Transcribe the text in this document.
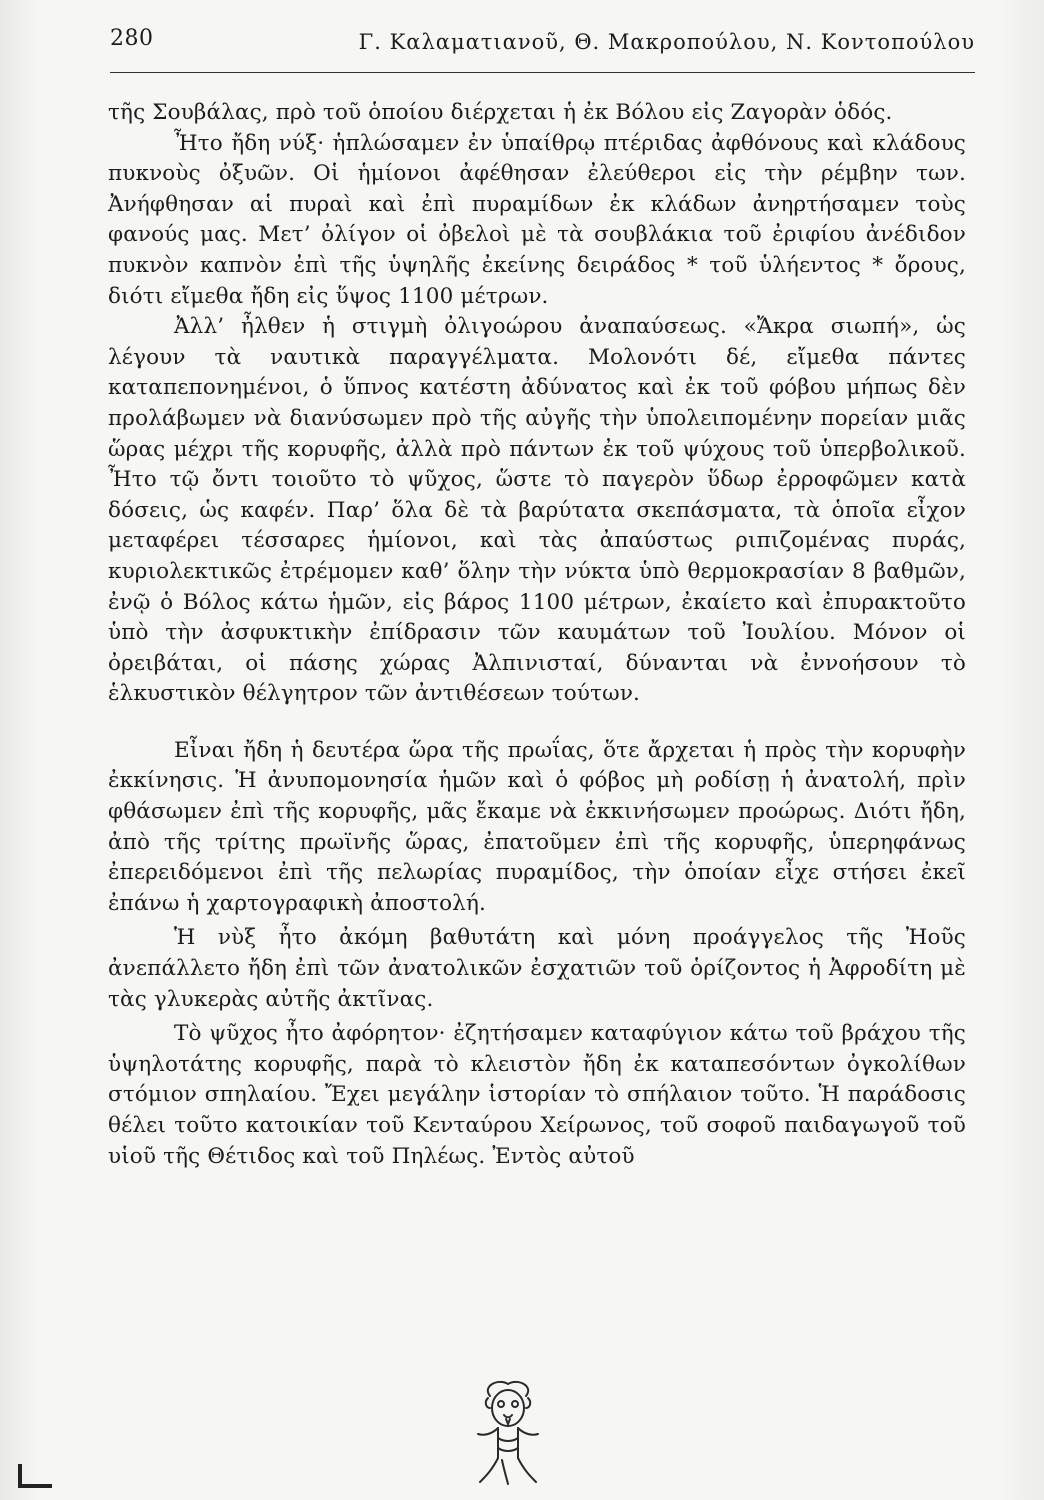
280	Γ. Καλαματιανοῦ, Θ. Μακροπούλου, Ν. Κοντοπούλου

τῆς Σουβάλας, πρὸ τοῦ ὁποίου διέρχεται ἡ ἐκ Βόλου εἰς Ζαγορὰν ὁδός.

Ἦτο ἤδη νύξ· ἡπλώσαμεν ἐν ὑπαίθρῳ πτέριδας ἀφθόνους καὶ κλάδους πυκνοὺς ὀξυῶν. Οἱ ἡμίονοι ἀφέθησαν ἐλεύθεροι εἰς τὴν ρέμβην των. Ἀνήφθησαν αἱ πυραὶ καὶ ἐπὶ πυραμίδων ἐκ κλάδων ἀνηρτήσαμεν τοὺς φανούς μας. Μετ’ ὀλίγον οἱ ὀβελοὶ μὲ τὰ σουβλάκια τοῦ ἐριφίου ἀνέδιδον πυκνὸν καπνὸν ἐπὶ τῆς ὑψηλῆς ἐκείνης δειράδος * τοῦ ὑλήεντος * ὄρους, διότι εἴμεθα ἤδη εἰς ὕψος 1100 μέτρων.

Ἀλλ’ ἦλθεν ἡ στιγμὴ ὀλιγοώρου ἀναπαύσεως. «Ἄκρα σιωπή», ὡς λέγουν τὰ ναυτικὰ παραγγέλματα. Μολονότι δέ, εἴμεθα πάντες καταπεπονημένοι, ὁ ὕπνος κατέστη ἀδύνατος καὶ ἐκ τοῦ φόβου μήπως δὲν προλάβωμεν νὰ διανύσωμεν πρὸ τῆς αὐγῆς τὴν ὑπολειπομένην πορείαν μιᾶς ὥρας μέχρι τῆς κορυφῆς, ἀλλὰ πρὸ πάντων ἐκ τοῦ ψύχους τοῦ ὑπερβολικοῦ. Ἦτο τῷ ὄντι τοιοῦτο τὸ ψῦχος, ὥστε τὸ παγερὸν ὕδωρ ἐρροφῶμεν κατὰ δόσεις, ὡς καφέν. Παρ’ ὅλα δὲ τὰ βαρύτατα σκεπάσματα, τὰ ὁποῖα εἶχον μεταφέρει τέσσαρες ἡμίονοι, καὶ τὰς ἀπαύστως ριπιζομένας πυράς, κυριολεκτικῶς ἐτρέμομεν καθ’ ὅλην τὴν νύκτα ὑπὸ θερμοκρασίαν 8 βαθμῶν, ἐνῷ ὁ Βόλος κάτω ἡμῶν, εἰς βάρος 1100 μέτρων, ἐκαίετο καὶ ἐπυρακτοῦτο ὑπὸ τὴν ἀσφυκτικὴν ἐπίδρασιν τῶν καυμάτων τοῦ Ἰουλίου. Μόνον οἱ ὀρειβάται, οἱ πάσης χώρας Ἀλπινισταί, δύνανται νὰ ἐννοήσουν τὸ ἑλκυστικὸν θέλγητρον τῶν ἀντιθέσεων τούτων.

Εἶναι ἤδη ἡ δευτέρα ὥρα τῆς πρωΐας, ὅτε ἄρχεται ἡ πρὸς τὴν κορυφὴν ἐκκίνησις. Ἡ ἀνυπομονησία ἡμῶν καὶ ὁ φόβος μὴ ροδίσῃ ἡ ἀνατολή, πρὶν φθάσωμεν ἐπὶ τῆς κορυφῆς, μᾶς ἔκαμε νὰ ἐκκινήσωμεν προώρως. Διότι ἤδη, ἀπὸ τῆς τρίτης πρωϊνῆς ὥρας, ἐπατοῦμεν ἐπὶ τῆς κορυφῆς, ὑπερηφάνως ἐπερειδόμενοι ἐπὶ τῆς πελωρίας πυραμίδος, τὴν ὁποίαν εἶχε στήσει ἐκεῖ ἐπάνω ἡ χαρτογραφικὴ ἀποστολή.

Ἡ νὺξ ἦτο ἀκόμη βαθυτάτη καὶ μόνη προάγγελος τῆς Ἠοῦς ἀνεπάλλετο ἤδη ἐπὶ τῶν ἀνατολικῶν ἐσχατιῶν τοῦ ὁρίζοντος ἡ Ἀφροδίτη μὲ τὰς γλυκερὰς αὐτῆς ἀκτῖνας.

Τὸ ψῦχος ἦτο ἀφόρητον· ἐζητήσαμεν καταφύγιον κάτω τοῦ βράχου τῆς ὑψηλοτάτης κορυφῆς, παρὰ τὸ κλειστὸν ἤδη ἐκ καταπεσόντων ὀγκολίθων στόμιον σπηλαίου. Ἔχει μεγάλην ἱστορίαν τὸ σπήλαιον τοῦτο. Ἡ παράδοσις θέλει τοῦτο κατοικίαν τοῦ Κενταύρου Χείρωνος, τοῦ σοφοῦ παιδαγωγοῦ τοῦ υἱοῦ τῆς Θέτιδος καὶ τοῦ Πηλέως. Ἐντὸς αὐτοῦ
